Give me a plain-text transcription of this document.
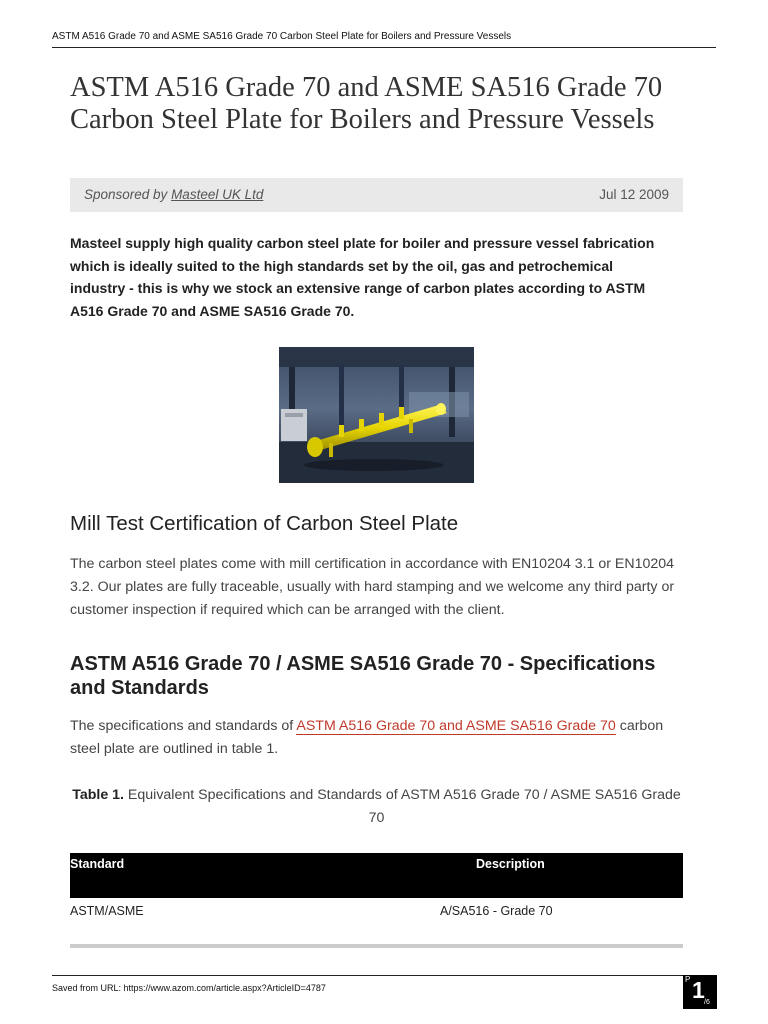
ASTM A516 Grade 70 and ASME SA516 Grade 70 Carbon Steel Plate for Boilers and Pressure Vessels
ASTM A516 Grade 70 and ASME SA516 Grade 70 Carbon Steel Plate for Boilers and Pressure Vessels
Sponsored by Masteel UK Ltd	Jul 12 2009

Masteel supply high quality carbon steel plate for boiler and pressure vessel fabrication which is ideally suited to the high standards set by the oil, gas and petrochemical industry - this is why we stock an extensive range of carbon plates according to ASTM A516 Grade 70 and ASME SA516 Grade 70.

Mill Test Certification of Carbon Steel Plate

The carbon steel plates come with mill certification in accordance with EN10204 3.1 or EN10204 3.2. Our plates are fully traceable, usually with hard stamping and we welcome any third party or customer inspection if required which can be arranged with the client.

ASTM A516 Grade 70 / ASME SA516 Grade 70 - Specifications and Standards

The specifications and standards of ASTM A516 Grade 70 and ASME SA516 Grade 70 carbon steel plate are outlined in table 1.

Table 1. Equivalent Specifications and Standards of ASTM A516 Grade 70 / ASME SA516 Grade 70
Standard	Description
ASTM/ASME	A/SA516 - Grade 70
Saved from URL: https://www.azom.com/article.aspx?ArticleID=4787
P 1 /6
